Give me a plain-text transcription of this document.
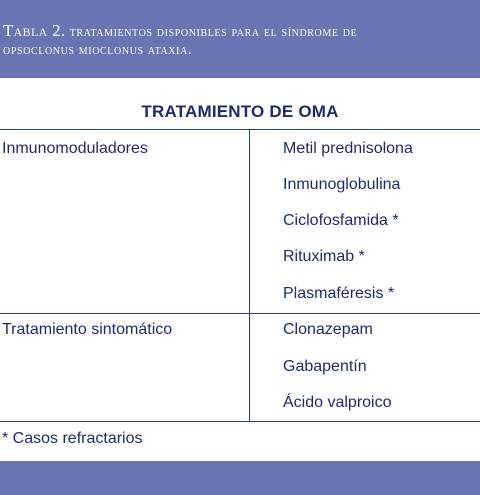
Tabla 2. tratamientos disponibles para el síndrome de
opsoclonus mioclonus ataxia.
TRATAMIENTO DE OMA
Inmunomoduladores	Metil prednisolona
Inmunoglobulina
Ciclofosfamida *
Rituximab *
Plasmaféresis *
Tratamiento sintomático	Clonazepam
Gabapentín
Ácido valproico
* Casos refractarios
